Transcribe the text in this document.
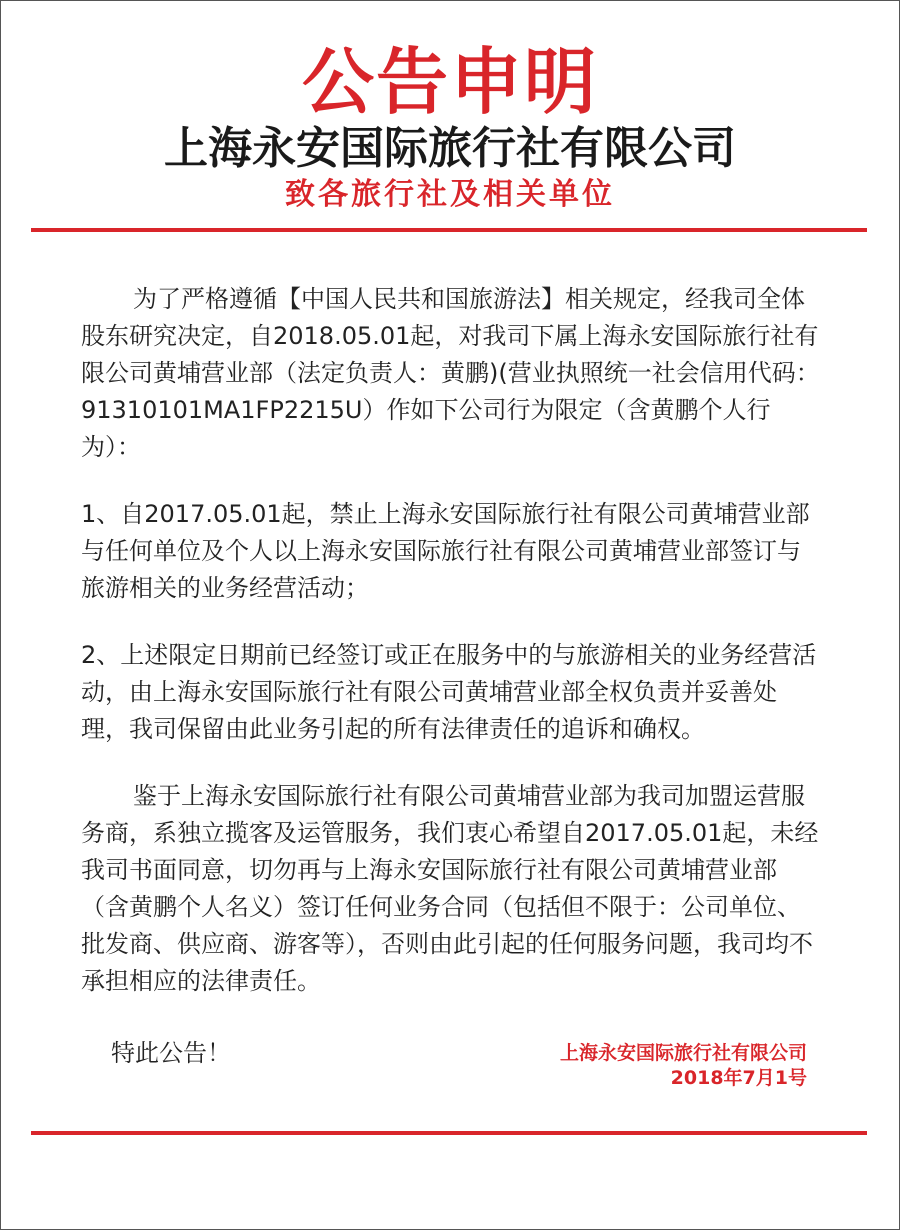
公告申明
上海永安国际旅行社有限公司
致各旅行社及相关单位

为了严格遵循【中国人民共和国旅游法】相关规定，经我司全体股东研究决定，自2018.05.01起，对我司下属上海永安国际旅行社有限公司黄埔营业部（法定负责人：黄鹏)(营业执照统一社会信用代码：91310101MA1FP2215U）作如下公司行为限定（含黄鹏个人行为）：

1、自2017.05.01起，禁止上海永安国际旅行社有限公司黄埔营业部与任何单位及个人以上海永安国际旅行社有限公司黄埔营业部签订与旅游相关的业务经营活动；

2、上述限定日期前已经签订或正在服务中的与旅游相关的业务经营活动，由上海永安国际旅行社有限公司黄埔营业部全权负责并妥善处理，我司保留由此业务引起的所有法律责任的追诉和确权。

鉴于上海永安国际旅行社有限公司黄埔营业部为我司加盟运营服务商，系独立揽客及运管服务，我们衷心希望自2017.05.01起，未经我司书面同意，切勿再与上海永安国际旅行社有限公司黄埔营业部（含黄鹏个人名义）签订任何业务合同（包括但不限于：公司单位、批发商、供应商、游客等），否则由此引起的任何服务问题，我司均不承担相应的法律责任。

特此公告！	上海永安国际旅行社有限公司
2018年7月1号
